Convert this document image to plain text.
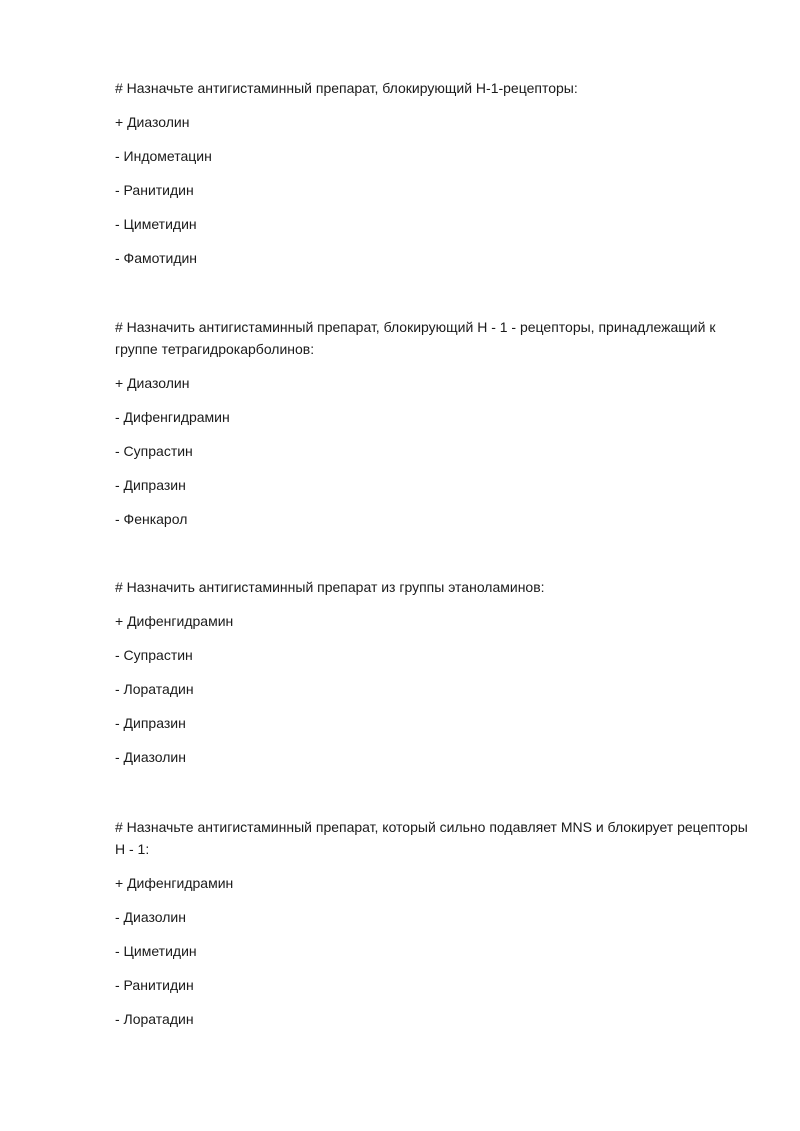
# Назначьте антигистаминный препарат, блокирующий H-1-рецепторы:

+ Диазолин

- Индометацин

- Ранитидин

- Циметидин

- Фамотидин

# Назначить антигистаминный препарат, блокирующий H - 1 - рецепторы, принадлежащий к группе тетрагидрокарболинов:

+ Диазолин

- Дифенгидрамин

- Супрастин

- Дипразин

- Фенкарол

# Назначить антигистаминный препарат из группы этаноламинов:

+ Дифенгидрамин

- Супрастин

- Лоратадин

- Дипразин

- Диазолин

# Назначьте антигистаминный препарат, который сильно подавляет MNS и блокирует рецепторы H - 1:

+ Дифенгидрамин

- Диазолин

- Циметидин

- Ранитидин

- Лоратадин
